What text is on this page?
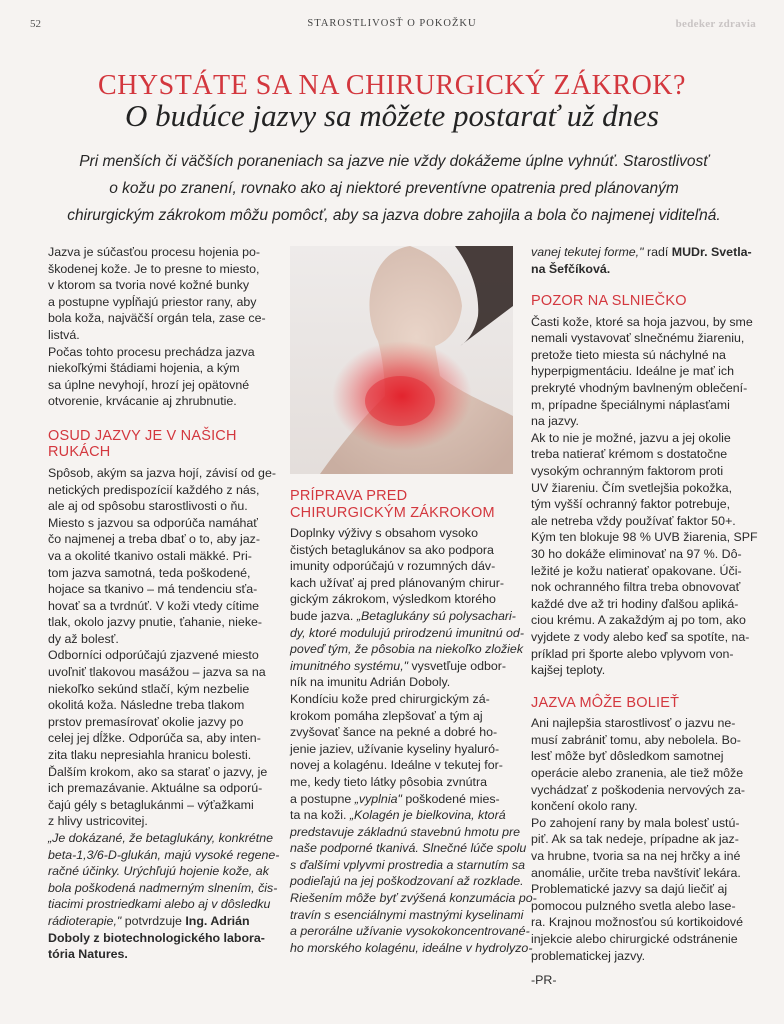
52	STAROSTLIVOSŤ O POKOŽKU	bedeker zdravia
CHYSTÁTE SA NA CHIRURGICKÝ ZÁKROK?
O budúce jazvy sa môžete postarať už dnes
Pri menších či väčších poraneniach sa jazve nie vždy dokážeme úplne vyhnúť. Starostlivosť
o kožu po zranení, rovnako ako aj niektoré preventívne opatrenia pred plánovaným
chirurgickým zákrokom môžu pomôcť, aby sa jazva dobre zahojila a bola čo najmenej viditeľná.

Jazva je súčasťou procesu hojenia po-
škodenej kože. Je to presne to miesto,
v ktorom sa tvoria nové kožné bunky
a postupne vypĺňajú priestor rany, aby
bola koža, najväčší orgán tela, zase ce-
listvá.

Počas tohto procesu prechádza jazva
niekoľkými štádiami hojenia, a kým
sa úplne nevyhojí, hrozí jej opätovné
otvorenie, krvácanie aj zhrubnutie.

OSUD JAZVY JE V NAŠICH
RUKÁCH

Spôsob, akým sa jazva hojí, závisí od ge-
netických predispozícií každého z nás,
ale aj od spôsobu starostlivosti o ňu.

Miesto s jazvou sa odporúča namáhať
čo najmenej a treba dbať o to, aby jaz-
va a okolité tkanivo ostali mäkké. Pri-
tom jazva samotná, teda poškodené,
hojace sa tkanivo – má tendenciu sťa-
hovať sa a tvrdnúť. V koži vtedy cítime
tlak, okolo jazvy pnutie, ťahanie, nieke-
dy až bolesť.

Odborníci odporúčajú zjazvené miesto
uvoľniť tlakovou masážou – jazva sa na
niekoľko sekúnd stlačí, kým nezbelie
okolitá koža. Následne treba tlakom
prstov premasírovať okolie jazvy po
celej jej dĺžke. Odporúča sa, aby inten-
zita tlaku nepresiahla hranicu bolesti.

Ďalším krokom, ako sa starať o jazvy, je
ich premazávanie. Aktuálne sa odporú-
čajú gély s betaglukánmi – výťažkami
z hlivy ustricovitej.

„Je dokázané, že betaglukány, konkrétne
beta-1,3/6-D-glukán, majú vysoké regene-
račné účinky. Urýchľujú hojenie kože, ak
bola poškodená nadmerným slnením, čis-
tiacimi prostriedkami alebo aj v dôsledku
rádioterapie," potvrdzuje Ing. Adrián
Doboly z biotechnologického labora-
tória Natures.

PRÍPRAVA PRED
CHIRURGICKÝM ZÁKROKOM

Doplnky výživy s obsahom vysoko
čistých betaglukánov sa ako podpora
imunity odporúčajú v rozumných dáv-
kach užívať aj pred plánovaným chirur-
gickým zákrokom, výsledkom ktorého
bude jazva. „Betaglukány sú polysachari-
dy, ktoré modulujú prirodzenú imunitnú od-
poveď tým, že pôsobia na niekoľko zložiek
imunitného systému," vysvetľuje odbor-
ník na imunitu Adrián Doboly.

Kondíciu kože pred chirurgickým zá-
krokom pomáha zlepšovať a tým aj
zvyšovať šance na pekné a dobré ho-
jenie jaziev, užívanie kyseliny hyaluró-
novej a kolagénu. Ideálne v tekutej for-
me, kedy tieto látky pôsobia zvnútra
a postupne „vyplnia" poškodené mies-
ta na koži. „Kolagén je bielkovina, ktorá
predstavuje základnú stavebnú hmotu pre
naše podporné tkanivá. Slnečné lúče spolu
s ďalšími vplyvmi prostredia a starnutím sa
podieľajú na jej poškodzovaní až rozklade.
Riešením môže byť zvýšená konzumácia po-
travín s esenciálnymi mastnými kyselinami
a perorálne užívanie vysokokoncentrované-
ho morského kolagénu, ideálne v hydrolyzo-

vanej tekutej forme," radí MUDr. Svetla-
na Šefčíková.

POZOR NA SLNIEČKO

Časti kože, ktoré sa hoja jazvou, by sme
nemali vystavovať slnečnému žiareniu,
pretože tieto miesta sú náchylné na
hyperpigmentáciu. Ideálne je mať ich
prekryté vhodným bavlneným oblečení-
m, prípadne špeciálnymi náplasťami
na jazvy.

Ak to nie je možné, jazvu a jej okolie
treba natierať krémom s dostatočne
vysokým ochranným faktorom proti
UV žiareniu. Čím svetlejšia pokožka,
tým vyšší ochranný faktor potrebuje,
ale netreba vždy používať faktor 50+.
Kým ten blokuje 98 % UVB žiarenia, SPF
30 ho dokáže eliminovať na 97 %. Dô-
ležité je kožu natierať opakovane. Úči-
nok ochranného filtra treba obnovovať
každé dve až tri hodiny ďalšou apliká-
ciou krému. A zakaždým aj po tom, ako
vyjdete z vody alebo keď sa spotíte, na-
príklad pri športe alebo vplyvom von-
kajšej teploty.

JAZVA MÔŽE BOLIEŤ

Ani najlepšia starostlivosť o jazvu ne-
musí zabrániť tomu, aby nebolela. Bo-
lesť môže byť dôsledkom samotnej
operácie alebo zranenia, ale tiež môže
vychádzať z poškodenia nervových za-
končení okolo rany.

Po zahojení rany by mala bolesť ustú-
piť. Ak sa tak nedeje, prípadne ak jaz-
va hrubne, tvoria sa na nej hrčky a iné
anomálie, určite treba navštíviť lekára.
Problematické jazvy sa dajú liečiť aj
pomocou pulzného svetla alebo lase-
ra. Krajnou možnosťou sú kortikoidové
injekcie alebo chirurgické odstránenie
problematickej jazvy.

-PR-
